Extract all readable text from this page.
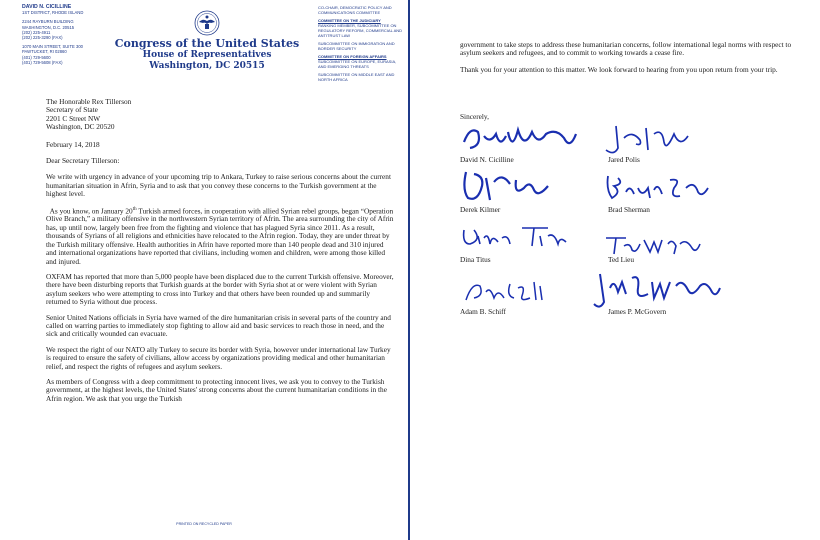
DAVID N. CICILLINE
1ST DISTRICT, RHODE ISLAND
2244 RAYBURN BUILDING
WASHINGTON, D.C. 20515
(202) 225-4911
(202) 225-3290 (FAX)
1070 MAIN STREET, SUITE 300
PAWTUCKET, RI 02860
(401) 729-5600
(401) 729-5608 (FAX)
Congress of the United States
House of Representatives
Washington, DC 20515
CO-CHAIR, DEMOCRATIC POLICY AND COMMUNICATIONS COMMITTEE
COMMITTEE ON THE JUDICIARY
RANKING MEMBER, SUBCOMMITTEE ON REGULATORY REFORM, COMMERCIAL AND ANTITRUST LAW
SUBCOMMITTEE ON IMMIGRATION AND BORDER SECURITY
COMMITTEE ON FOREIGN AFFAIRS
SUBCOMMITTEE ON EUROPE, EURASIA, AND EMERGING THREATS
SUBCOMMITTEE ON MIDDLE EAST AND NORTH AFRICA

The Honorable Rex Tillerson
Secretary of State
2201 C Street NW
Washington, DC 20520

February 14, 2018

Dear Secretary Tillerson:

We write with urgency in advance of your upcoming trip to Ankara, Turkey to raise serious concerns about the current humanitarian situation in Afrin, Syria and to ask that you convey these concerns to the Turkish government at the highest level.

As you know, on January 20th Turkish armed forces, in cooperation with allied Syrian rebel groups, began “Operation Olive Branch,” a military offensive in the northwestern Syrian territory of Afrin. The area surrounding the city of Afrin has, up until now, largely been free from the fighting and violence that has plagued Syria since 2011. As a result, thousands of Syrians of all religions and ethnicities have relocated to the Afrin region. Today, they are under threat by the Turkish military offensive. Health authorities in Afrin have reported more than 140 people dead and 310 injured and international organizations have reported that civilians, including women and children, were among those killed and injured.

OXFAM has reported that more than 5,000 people have been displaced due to the current Turkish offensive. Moreover, there have been disturbing reports that Turkish guards at the border with Syria shot at or were violent with Syrian asylum seekers who were attempting to cross into Turkey and that others have been rounded up and summarily returned to Syria without due process.

Senior United Nations officials in Syria have warned of the dire humanitarian crisis in several parts of the country and called on warring parties to immediately stop fighting to allow aid and basic services to reach those in need, and the sick and critically wounded can evacuate.

We respect the right of our NATO ally Turkey to secure its border with Syria, however under international law Turkey is required to ensure the safety of civilians, allow access by organizations providing medical and other humanitarian relief, and respect the rights of refugees and asylum seekers.

As members of Congress with a deep commitment to protecting innocent lives, we ask you to convey to the Turkish government, at the highest levels, the United States' strong concerns about the current humanitarian conditions in the Afrin region. We ask that you urge the Turkish

PRINTED ON RECYCLED PAPER

government to take steps to address these humanitarian concerns, follow international legal norms with respect to asylum seekers and refugees, and to commit to working towards a cease fire.

Thank you for your attention to this matter. We look forward to hearing from you upon return from your trip.

Sincerely,
David N. Cicilline	Jared Polis
Derek Kilmer	Brad Sherman
Dina Titus	Ted Lieu
Adam B. Schiff	James P. McGovern
